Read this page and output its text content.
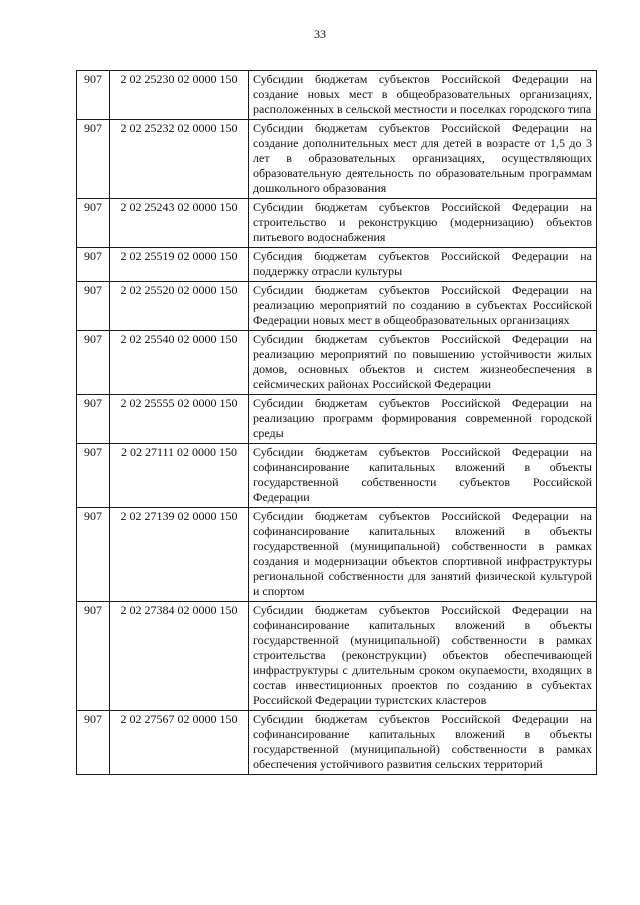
33
907	2 02 25230 02 0000 150	Субсидии бюджетам субъектов Российской Федерации на создание новых мест в общеобразовательных организациях, расположенных в сельской местности и поселках городского типа
907	2 02 25232 02 0000 150	Субсидии бюджетам субъектов Российской Федерации на создание дополнительных мест для детей в возрасте от 1,5 до 3 лет в образовательных организациях, осуществляющих образовательную деятельность по образовательным программам дошкольного образования
907	2 02 25243 02 0000 150	Субсидии бюджетам субъектов Российской Федерации на строительство и реконструкцию (модернизацию) объектов питьевого водоснабжения
907	2 02 25519 02 0000 150	Субсидия бюджетам субъектов Российской Федерации на поддержку отрасли культуры
907	2 02 25520 02 0000 150	Субсидии бюджетам субъектов Российской Федерации на реализацию мероприятий по созданию в субъектах Российской Федерации новых мест в общеобразовательных организациях
907	2 02 25540 02 0000 150	Субсидии бюджетам субъектов Российской Федерации на реализацию мероприятий по повышению устойчивости жилых домов, основных объектов и систем жизнеобеспечения в сейсмических районах Российской Федерации
907	2 02 25555 02 0000 150	Субсидии бюджетам субъектов Российской Федерации на реализацию программ формирования современной городской среды
907	2 02 27111 02 0000 150	Субсидии бюджетам субъектов Российской Федерации на софинансирование капитальных вложений в объекты государственной собственности субъектов Российской Федерации
907	2 02 27139 02 0000 150	Субсидии бюджетам субъектов Российской Федерации на софинансирование капитальных вложений в объекты государственной (муниципальной) собственности в рамках создания и модернизации объектов спортивной инфраструктуры региональной собственности для занятий физической культурой и спортом
907	2 02 27384 02 0000 150	Субсидии бюджетам субъектов Российской Федерации на софинансирование капитальных вложений в объекты государственной (муниципальной) собственности в рамках строительства (реконструкции) объектов обеспечивающей инфраструктуры с длительным сроком окупаемости, входящих в состав инвестиционных проектов по созданию в субъектах Российской Федерации туристских кластеров
907	2 02 27567 02 0000 150	Субсидии бюджетам субъектов Российской Федерации на софинансирование капитальных вложений в объекты государственной (муниципальной) собственности в рамках обеспечения устойчивого развития сельских территорий
